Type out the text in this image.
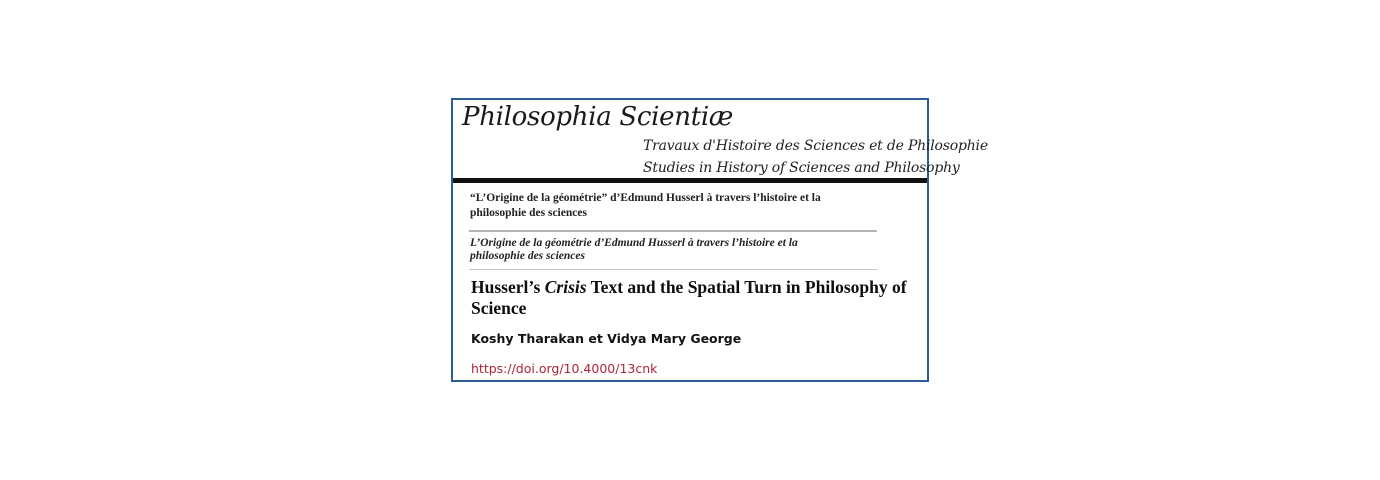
Philosophia Scientiæ
Travaux d'Histoire des Sciences et de Philosophie
Studies in History of Sciences and Philosophy
“L’Origine de la géométrie” d’Edmund Husserl à travers l’histoire et la philosophie des sciences
L’Origine de la géométrie d’Edmund Husserl à travers l’histoire et la philosophie des sciences
Husserl’s Crisis Text and the Spatial Turn in Philosophy of Science
Koshy Tharakan et Vidya Mary George
https://doi.org/10.4000/13cnk
